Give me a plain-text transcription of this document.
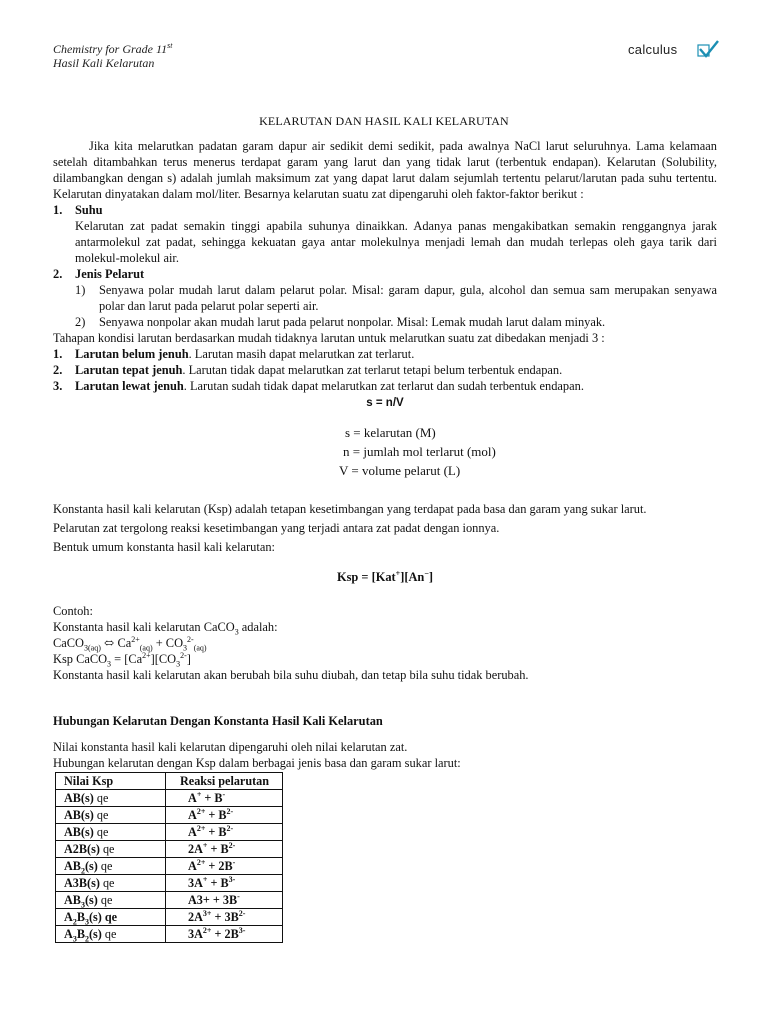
Chemistry for Grade 11st
Hasil Kali Kelarutan
calculus
KELARUTAN DAN HASIL KALI KELARUTAN

Jika kita melarutkan padatan garam dapur air sedikit demi sedikit, pada awalnya NaCl larut seluruhnya. Lama kelamaan setelah ditambahkan terus menerus terdapat garam yang larut dan yang tidak larut (terbentuk endapan). Kelarutan (Solubility, dilambangkan dengan s) adalah jumlah maksimum zat yang dapat larut dalam sejumlah tertentu pelarut/larutan pada suhu tertentu. Kelarutan dinyatakan dalam mol/liter. Besarnya kelarutan suatu zat dipengaruhi oleh faktor-faktor berikut :

1.	Suhu

Kelarutan zat padat semakin tinggi apabila suhunya dinaikkan. Adanya panas mengakibatkan semakin renggangnya jarak antarmolekul zat padat, sehingga kekuatan gaya antar molekulnya menjadi lemah dan mudah terlepas oleh gaya tarik dari molekul-molekul air.

2.	Jenis Pelarut
1)	Senyawa polar mudah larut dalam pelarut polar. Misal: garam dapur, gula, alcohol dan semua sam merupakan senyawa polar dan larut pada pelarut polar seperti air.
2)	Senyawa nonpolar akan mudah larut pada pelarut nonpolar. Misal: Lemak mudah larut dalam minyak.

Tahapan kondisi larutan berdasarkan mudah tidaknya larutan untuk melarutkan suatu zat dibedakan menjadi 3 :

1.	Larutan belum jenuh. Larutan masih dapat melarutkan zat terlarut.
2.	Larutan tepat jenuh. Larutan tidak dapat melarutkan zat terlarut tetapi belum terbentuk endapan.
3.	Larutan lewat jenuh. Larutan sudah tidak dapat melarutkan zat terlarut dan sudah terbentuk endapan.
s = n/V
s = kelarutan (M)
n = jumlah mol terlarut (mol)
V = volume pelarut (L)

Konstanta hasil kali kelarutan (Ksp) adalah tetapan kesetimbangan yang terdapat pada basa dan garam yang sukar larut.

Pelarutan zat tergolong reaksi kesetimbangan yang terjadi antara zat padat dengan ionnya.

Bentuk umum konstanta hasil kali kelarutan:

Ksp = [Kat+][An−]

Contoh:

Konstanta hasil kali kelarutan CaCO$_3$ adalah:

CaCO$_{3(aq)}$ ⬄ $Ca^{2+}_{(aq)} + CO_3^{2-}_{(aq)}$

Ksp CaCO$_3$ = $[Ca^{2+}][CO_3^{2-}]$

Konstanta hasil kali kelarutan akan berubah bila suhu diubah, dan tetap bila suhu tidak berubah.

Hubungan Kelarutan Dengan Konstanta Hasil Kali Kelarutan

Nilai konstanta hasil kali kelarutan dipengaruhi oleh nilai kelarutan zat.

Hubungan kelarutan dengan Ksp dalam berbagai jenis basa dan garam sukar larut:

Nilai Ksp	Reaksi pelarutan
AB(s) qe	A+ + B-
AB(s) qe	$A^{2+} + B^{2-}$
AB(s) qe	$A^{2+} + B^{2-}$
A2B(s) qe	$2A^+ + B^{2-}$
$AB_2(s)$ qe	$A^{2+} + 2B^-$
A3B(s) qe	$3A^+ + B^{3-}$
$AB_3(s)$ qe	A3+ + 3B-
$A_2B_3(s)$ qe	$2A^{3+} + 3B^{2-}$
$A_3B_2(s)$ qe	$3A^{2+} + 2B^{3-}$
